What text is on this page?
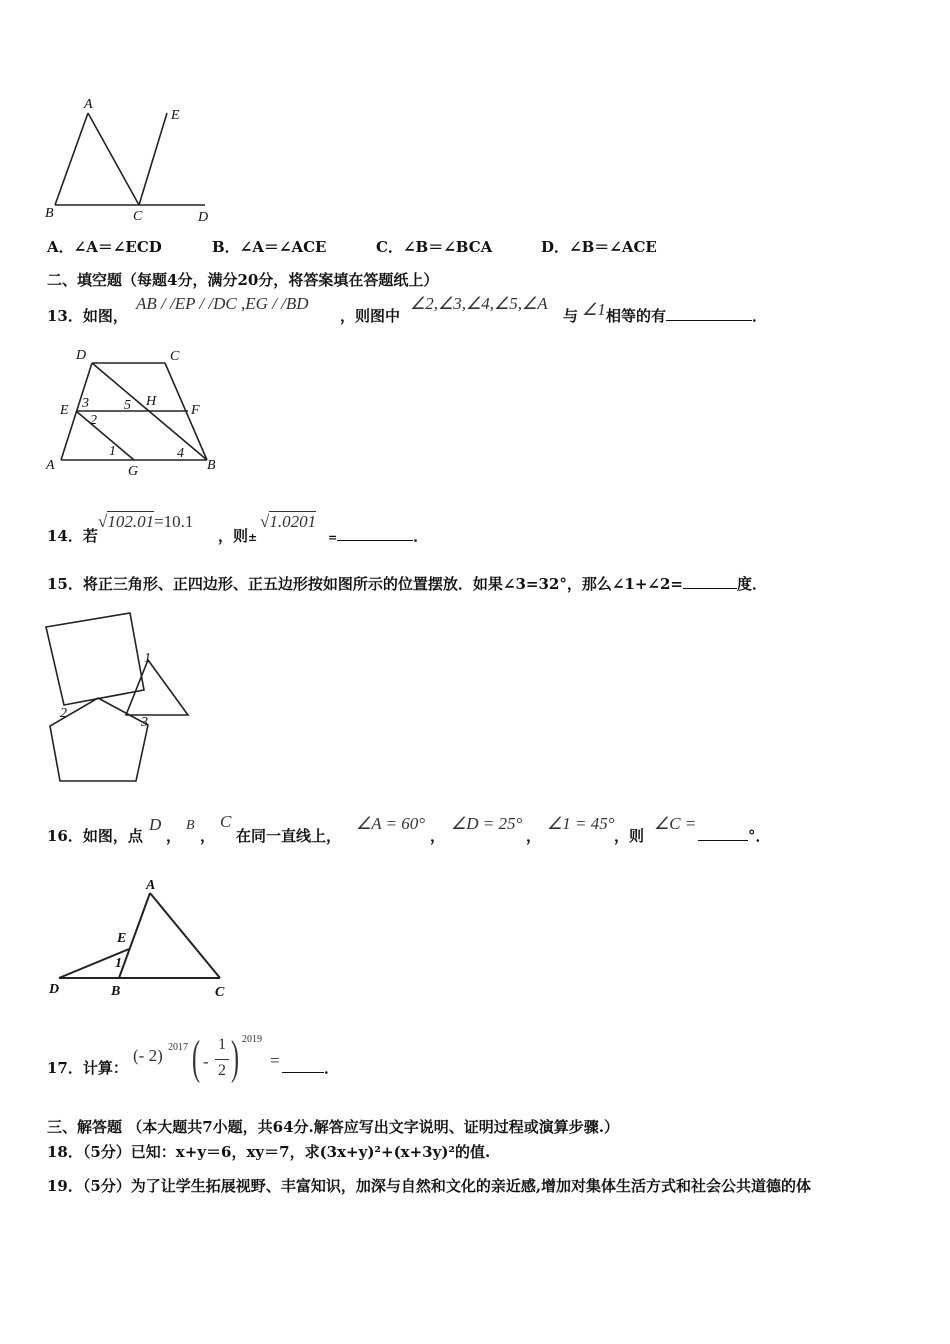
A
E
B	C	D
A．∠A＝∠ECD	B．∠A＝∠ACE	C．∠B＝∠BCA	D．∠B＝∠ACE
二、填空题（每题4分，满分20分，将答案填在答题纸上）
13．如图，
AB / /EP / /DC ,EG / /BD
，则图中
∠2,∠3,∠4,∠5,∠A
与 ∠1 相等的有	．
D	C
E 3	5 H
F
2
1	4
A	G	B
14．若
√102.01=10.1
，则±
√1.0201
=	．
15．将正三角形、正四边形、正五边形按如图所示的位置摆放．如果∠3=32°，那么∠1+∠2=	度．
1
2
3
16．如图，点
D
，
B
，
C
在同一直线上，
∠A = 60°
，
∠D = 25°
，
∠1 = 45°
，则
∠C =
°．
A
E
1
D	B	C
17．计算：
(- 2) 2017 ( -
1
2 ) 2019
=	．
三、解答题 （本大题共7小题，共64分.解答应写出文字说明、证明过程或演算步骤.）
18．（5分）已知：x+y＝6，xy＝7，求(3x+y)²+(x+3y)²的值.
19．（5分）为了让学生拓展视野、丰富知识，加深与自然和文化的亲近感,增加对集体生活方式和社会公共道德的体
